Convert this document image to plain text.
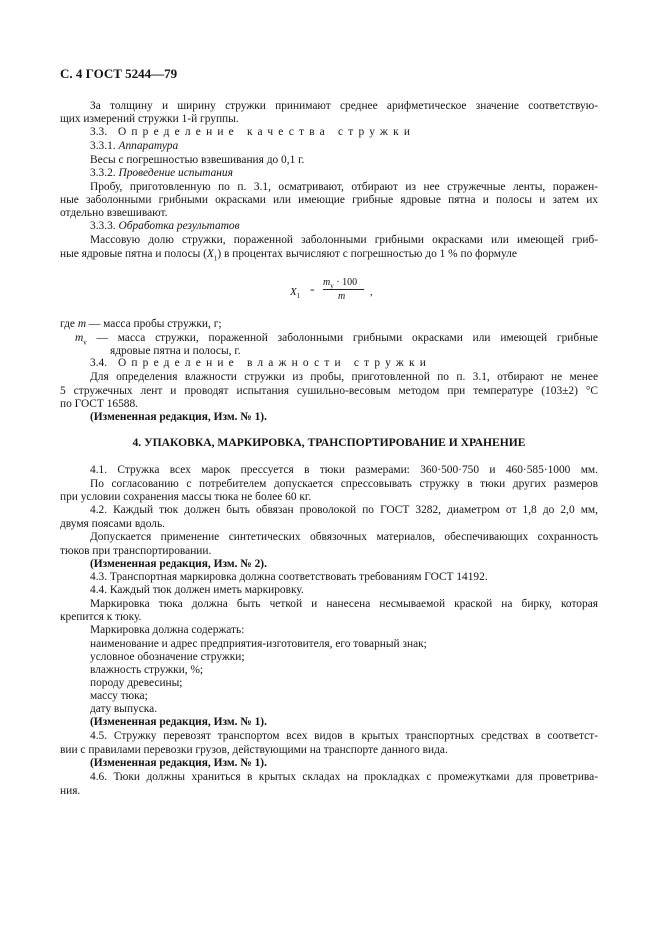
С. 4 ГОСТ 5244—79
За толщину и ширину стружки принимают среднее арифметическое значение соответствую-
щих измерений стружки 1-й группы.
3.3. Определение качества стружки
3.3.1. Аппаратура
Весы с погрешностью взвешивания до 0,1 г.
3.3.2. Проведение испытания
Пробу, приготовленную по п. 3.1, осматривают, отбирают из нее стружечные ленты, поражен-
ные заболонными грибными окрасками или имеющие грибные ядровые пятна и полосы и затем их
отдельно взвешивают.
3.3.3. Обработка результатов
Массовую долю стружки, пораженной заболонными грибными окрасками или имеющей гриб-
ные ядровые пятна и полосы $(X_1)$ в процентах вычисляют с погрешностью до 1 % по формуле
$X_1$
=
$m_у \cdot 100$
m ,
где m — масса пробы стружки, г;
$m_у$ — масса стружки, пораженной заболонными грибными окрасками или имеющей грибные
ядровые пятна и полосы, г.
3.4. Определение влажности стружки
Для определения влажности стружки из пробы, приготовленной по п. 3.1, отбирают не менее
5 стружечных лент и проводят испытания сушильно-весовым методом при температуре (103±2) °С
по ГОСТ 16588.
(Измененная редакция, Изм. № 1).
4. УПАКОВКА, МАРКИРОВКА, ТРАНСПОРТИРОВАНИЕ И ХРАНЕНИЕ
4.1. Стружка всех марок прессуется в тюки размерами: 360·500·750 и 460·585·1000 мм.
По согласованию с потребителем допускается спрессовывать стружку в тюки других размеров
при условии сохранения массы тюка не более 60 кг.
4.2. Каждый тюк должен быть обвязан проволокой по ГОСТ 3282, диаметром от 1,8 до 2,0 мм,
двумя поясами вдоль.
Допускается применение синтетических обвязочных материалов, обеспечивающих сохранность
тюков при транспортировании.
(Измененная редакция, Изм. № 2).
4.3. Транспортная маркировка должна соответствовать требованиям ГОСТ 14192.
4.4. Каждый тюк должен иметь маркировку.
Маркировка тюка должна быть четкой и нанесена несмываемой краской на бирку, которая
крепится к тюку.
Маркировка должна содержать:
наименование и адрес предприятия-изготовителя, его товарный знак;
условное обозначение стружки;
влажность стружки, %;
породу древесины;
массу тюка;
дату выпуска.
(Измененная редакция, Изм. № 1).
4.5. Стружку перевозят транспортом всех видов в крытых транспортных средствах в соответст-
вии с правилами перевозки грузов, действующими на транспорте данного вида.
(Измененная редакция, Изм. № 1).
4.6. Тюки должны храниться в крытых складах на прокладках с промежутками для проветрива-
ния.
